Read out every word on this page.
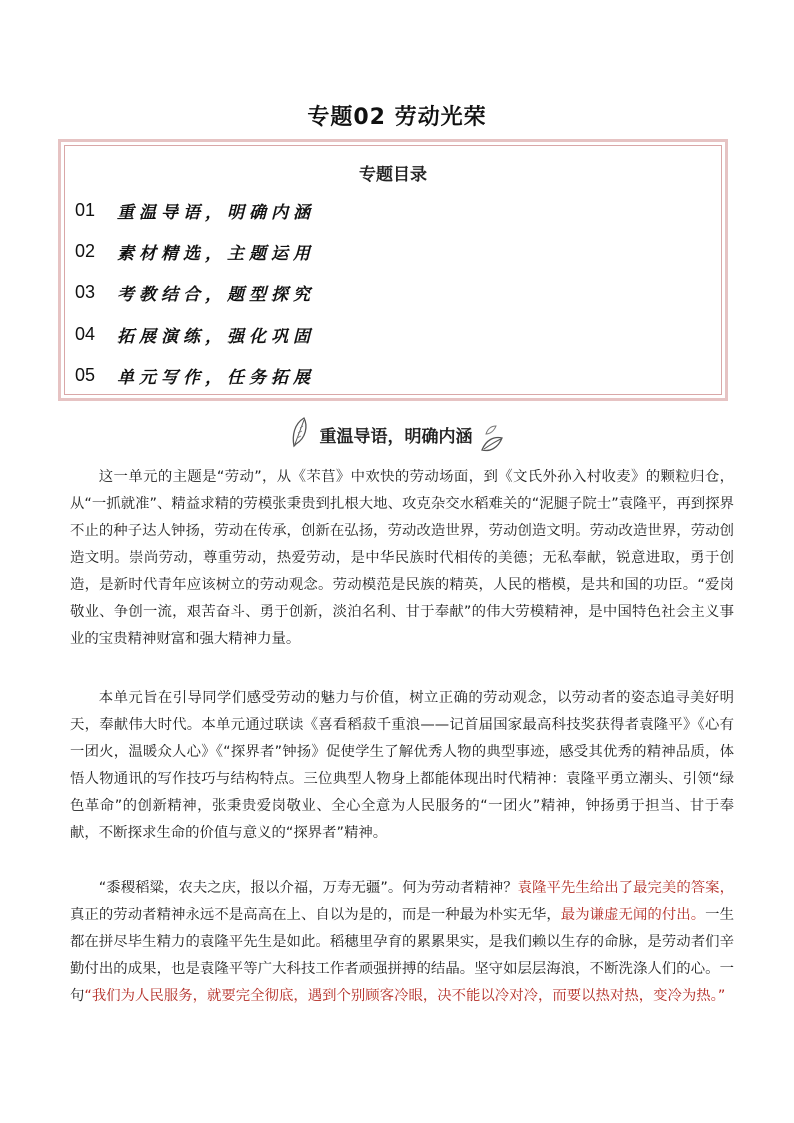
专题02 劳动光荣
专题目录
01	重温导语，明确内涵
02	素材精选，主题运用
03	考教结合，题型探究
04	拓展演练，强化巩固
05	单元写作，任务拓展
重温导语，明确内涵

这一单元的主题是“劳动”，从《芣苢》中欢快的劳动场面，到《文氏外孙入村收麦》的颗粒归仓，从“一抓就准”、精益求精的劳模张秉贵到扎根大地、攻克杂交水稻难关的“泥腿子院士”袁隆平，再到探界不止的种子达人钟扬，劳动在传承，创新在弘扬，劳动改造世界，劳动创造文明。劳动改造世界，劳动创造文明。崇尚劳动，尊重劳动，热爱劳动，是中华民族时代相传的美德；无私奉献，锐意进取，勇于创造，是新时代青年应该树立的劳动观念。劳动模范是民族的精英，人民的楷模，是共和国的功臣。“爱岗敬业、争创一流，艰苦奋斗、勇于创新，淡泊名利、甘于奉献”的伟大劳模精神，是中国特色社会主义事业的宝贵精神财富和强大精神力量。

本单元旨在引导同学们感受劳动的魅力与价值，树立正确的劳动观念，以劳动者的姿态追寻美好明天，奉献伟大时代。本单元通过联读《喜看稻菽千重浪——记首届国家最高科技奖获得者袁隆平》《心有一团火，温暖众人心》《“探界者”钟扬》促使学生了解优秀人物的典型事迹，感受其优秀的精神品质，体悟人物通讯的写作技巧与结构特点。三位典型人物身上都能体现出时代精神：袁隆平勇立潮头、引领“绿色革命”的创新精神，张秉贵爱岗敬业、全心全意为人民服务的“一团火”精神，钟扬勇于担当、甘于奉献，不断探求生命的价值与意义的“探界者”精神。

“黍稷稻粱，农夫之庆，报以介福，万寿无疆”。何为劳动者精神？袁隆平先生给出了最完美的答案，真正的劳动者精神永远不是高高在上、自以为是的，而是一种最为朴实无华，最为谦虚无闻的付出。一生都在拼尽毕生精力的袁隆平先生是如此。稻穗里孕育的累累果实，是我们赖以生存的命脉，是劳动者们辛勤付出的成果，也是袁隆平等广大科技工作者顽强拼搏的结晶。坚守如层层海浪，不断洗涤人们的心。一句“我们为人民服务，就要完全彻底，遇到个别顾客冷眼，决不能以冷对冷，而要以热对热，变冷为热。”
